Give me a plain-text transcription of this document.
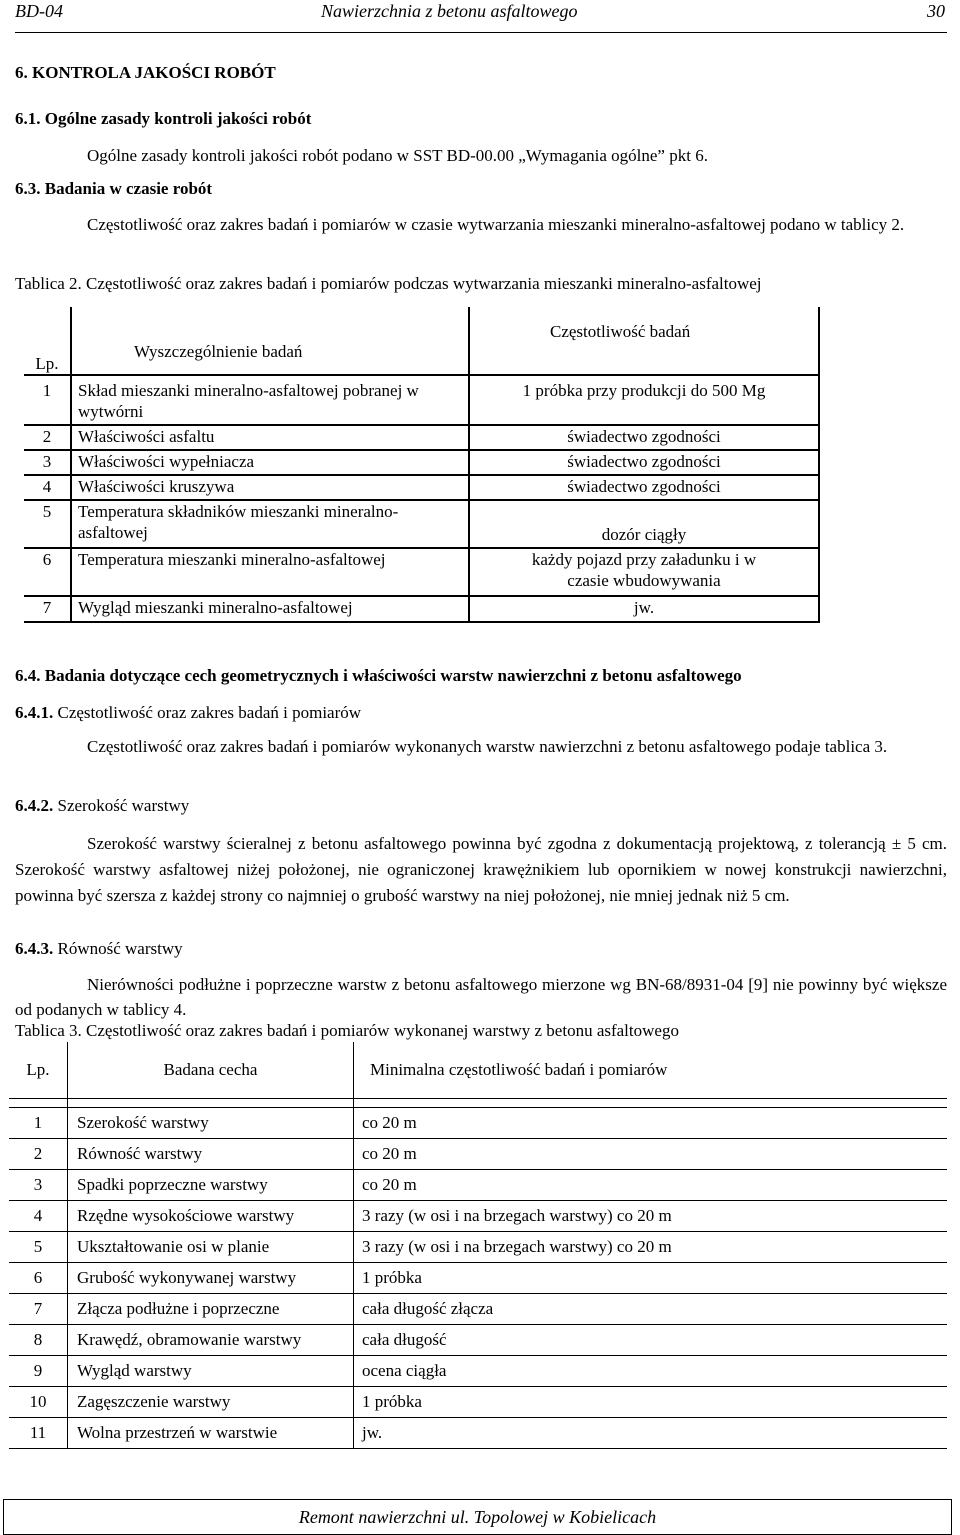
BD-04	Nawierzchnia z betonu asfaltowego	30
6. KONTROLA JAKOŚCI ROBÓT
6.1. Ogólne zasady kontroli jakości robót
Ogólne zasady kontroli jakości robót podano w SST BD-00.00 „Wymagania ogólne” pkt 6.
6.3. Badania w czasie robót
Częstotliwość oraz zakres badań i pomiarów w czasie wytwarzania mieszanki mineralno-asfaltowej podano w tablicy 2.
Tablica 2. Częstotliwość oraz zakres badań i pomiarów podczas wytwarzania mieszanki mineralno-asfaltowej
Lp.	Wyszczególnienie badań	Częstotliwość badań
1	Skład mieszanki mineralno-asfaltowej pobranej w wytwórni	1 próbka przy produkcji do 500 Mg
2	Właściwości asfaltu	świadectwo zgodności
3	Właściwości wypełniacza	świadectwo zgodności
4	Właściwości kruszywa	świadectwo zgodności
5	Temperatura składników mieszanki mineralno-asfaltowej	dozór ciągły
6	Temperatura mieszanki mineralno-asfaltowej	każdy pojazd przy załadunku i w czasie wbudowywania
7	Wygląd mieszanki mineralno-asfaltowej	jw.
6.4. Badania dotyczące cech geometrycznych i właściwości warstw nawierzchni z betonu asfaltowego
6.4.1. Częstotliwość oraz zakres badań i pomiarów
Częstotliwość oraz zakres badań i pomiarów wykonanych warstw nawierzchni z betonu asfaltowego podaje tablica 3.
6.4.2. Szerokość warstwy
Szerokość warstwy ścieralnej z betonu asfaltowego powinna być zgodna z dokumentacją projektową, z tolerancją ± 5 cm. Szerokość warstwy asfaltowej niżej położonej, nie ograniczonej krawężnikiem lub opornikiem w nowej konstrukcji nawierzchni, powinna być szersza z każdej strony co najmniej o grubość warstwy na niej położonej, nie mniej jednak niż 5 cm.
6.4.3. Równość warstwy
Nierówności podłużne i poprzeczne warstw z betonu asfaltowego mierzone wg BN-68/8931-04 [9] nie powinny być większe od podanych w tablicy 4.
Tablica 3. Częstotliwość oraz zakres badań i pomiarów wykonanej warstwy z betonu asfaltowego
Lp.	Badana cecha	Minimalna częstotliwość badań i pomiarów

1	Szerokość warstwy	co 20 m
2	Równość warstwy	co 20 m
3	Spadki poprzeczne warstwy	co 20 m
4	Rzędne wysokościowe warstwy	3 razy (w osi i na brzegach warstwy) co 20 m
5	Ukształtowanie osi w planie	3 razy (w osi i na brzegach warstwy) co 20 m
6	Grubość wykonywanej warstwy	1 próbka
7	Złącza podłużne i poprzeczne	cała długość złącza
8	Krawędź, obramowanie warstwy	cała długość
9	Wygląd warstwy	ocena ciągła
10	Zagęszczenie warstwy	1 próbka
11	Wolna przestrzeń w warstwie	jw.
Remont nawierzchni ul. Topolowej w Kobielicach
